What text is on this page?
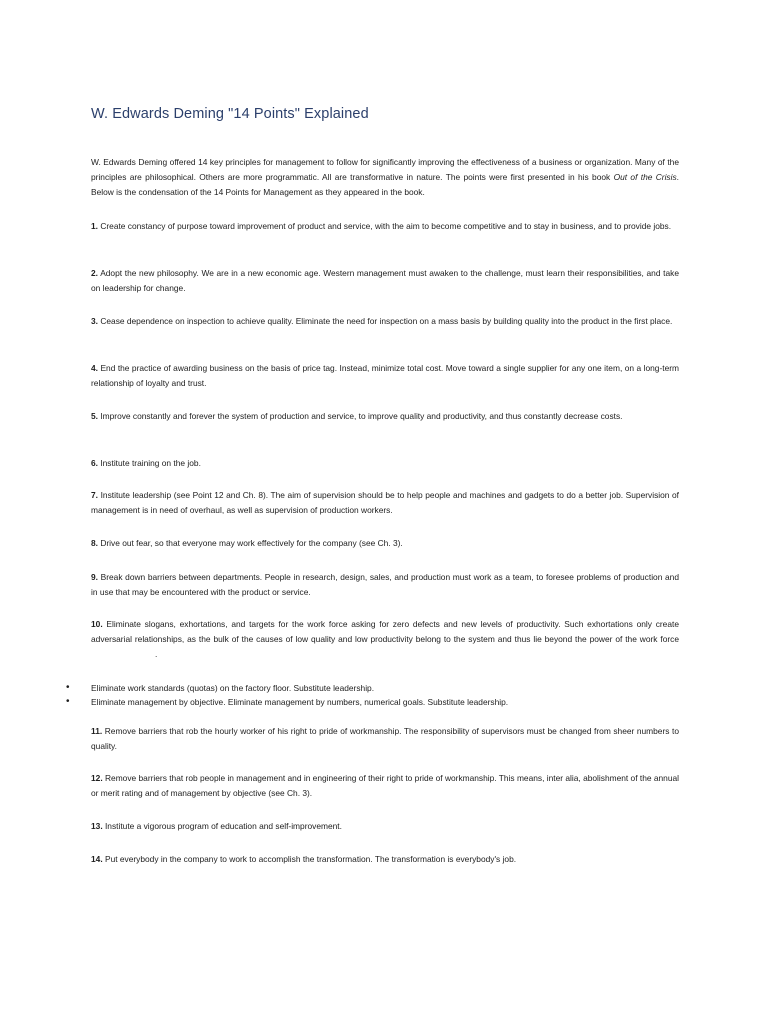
W. Edwards Deming "14 Points" Explained
W. Edwards Deming offered 14 key principles for management to follow for significantly improving the effectiveness of a business or organization. Many of the principles are philosophical. Others are more programmatic. All are transformative in nature. The points were first presented in his book Out of the Crisis. Below is the condensation of the 14 Points for Management as they appeared in the book.
1. Create constancy of purpose toward improvement of product and service, with the aim to become competitive and to stay in business, and to provide jobs.
2. Adopt the new philosophy. We are in a new economic age. Western management must awaken to the challenge, must learn their responsibilities, and take on leadership for change.
3. Cease dependence on inspection to achieve quality. Eliminate the need for inspection on a mass basis by building quality into the product in the first place.
4. End the practice of awarding business on the basis of price tag. Instead, minimize total cost. Move toward a single supplier for any one item, on a long-term relationship of loyalty and trust.
5. Improve constantly and forever the system of production and service, to improve quality and productivity, and thus constantly decrease costs.
6. Institute training on the job.
7. Institute leadership (see Point 12 and Ch. 8). The aim of supervision should be to help people and machines and gadgets to do a better job. Supervision of management is in need of overhaul, as well as supervision of production workers.
8. Drive out fear, so that everyone may work effectively for the company (see Ch. 3).
9. Break down barriers between departments. People in research, design, sales, and production must work as a team, to foresee problems of production and in use that may be encountered with the product or service.
10. Eliminate slogans, exhortations, and targets for the work force asking for zero defects and new levels of productivity. Such exhortations only create adversarial relationships, as the bulk of the causes of low quality and low productivity belong to the system and thus lie beyond the power of the work force.
•	Eliminate work standards (quotas) on the factory floor. Substitute leadership.
•	Eliminate management by objective. Eliminate management by numbers, numerical goals. Substitute leadership.
11. Remove barriers that rob the hourly worker of his right to pride of workmanship. The responsibility of supervisors must be changed from sheer numbers to quality.
12. Remove barriers that rob people in management and in engineering of their right to pride of workmanship. This means, inter alia, abolishment of the annual or merit rating and of management by objective (see Ch. 3).
13. Institute a vigorous program of education and self-improvement.
14. Put everybody in the company to work to accomplish the transformation. The transformation is everybody's job.
